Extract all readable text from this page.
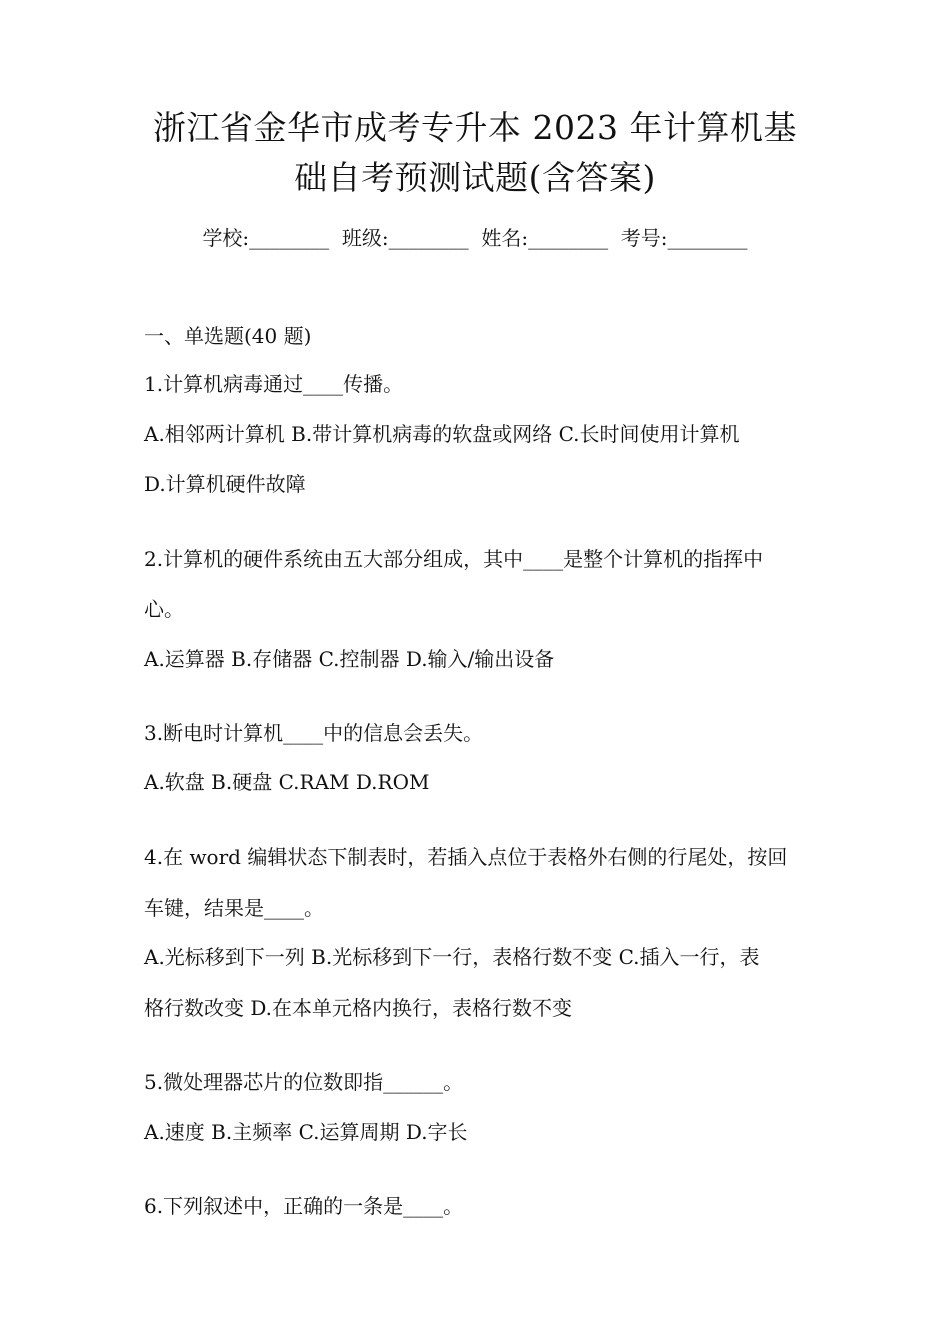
浙江省金华市成考专升本 2023 年计算机基
础自考预测试题(含答案)
学校:________  班级:________  姓名:________  考号:________
一、单选题(40 题)
1.计算机病毒通过____传播。
A.相邻两计算机 B.带计算机病毒的软盘或网络 C.长时间使用计算机
D.计算机硬件故障
2.计算机的硬件系统由五大部分组成，其中____是整个计算机的指挥中
心。
A.运算器 B.存储器 C.控制器 D.输入/输出设备
3.断电时计算机____中的信息会丢失。
A.软盘 B.硬盘 C.RAM D.ROM
4.在 word 编辑状态下制表时，若插入点位于表格外右侧的行尾处，按回
车键，结果是____。
A.光标移到下一列 B.光标移到下一行，表格行数不变 C.插入一行，表
格行数改变 D.在本单元格内换行，表格行数不变
5.微处理器芯片的位数即指______。
A.速度 B.主频率 C.运算周期 D.字长
6.下列叙述中，正确的一条是____。
